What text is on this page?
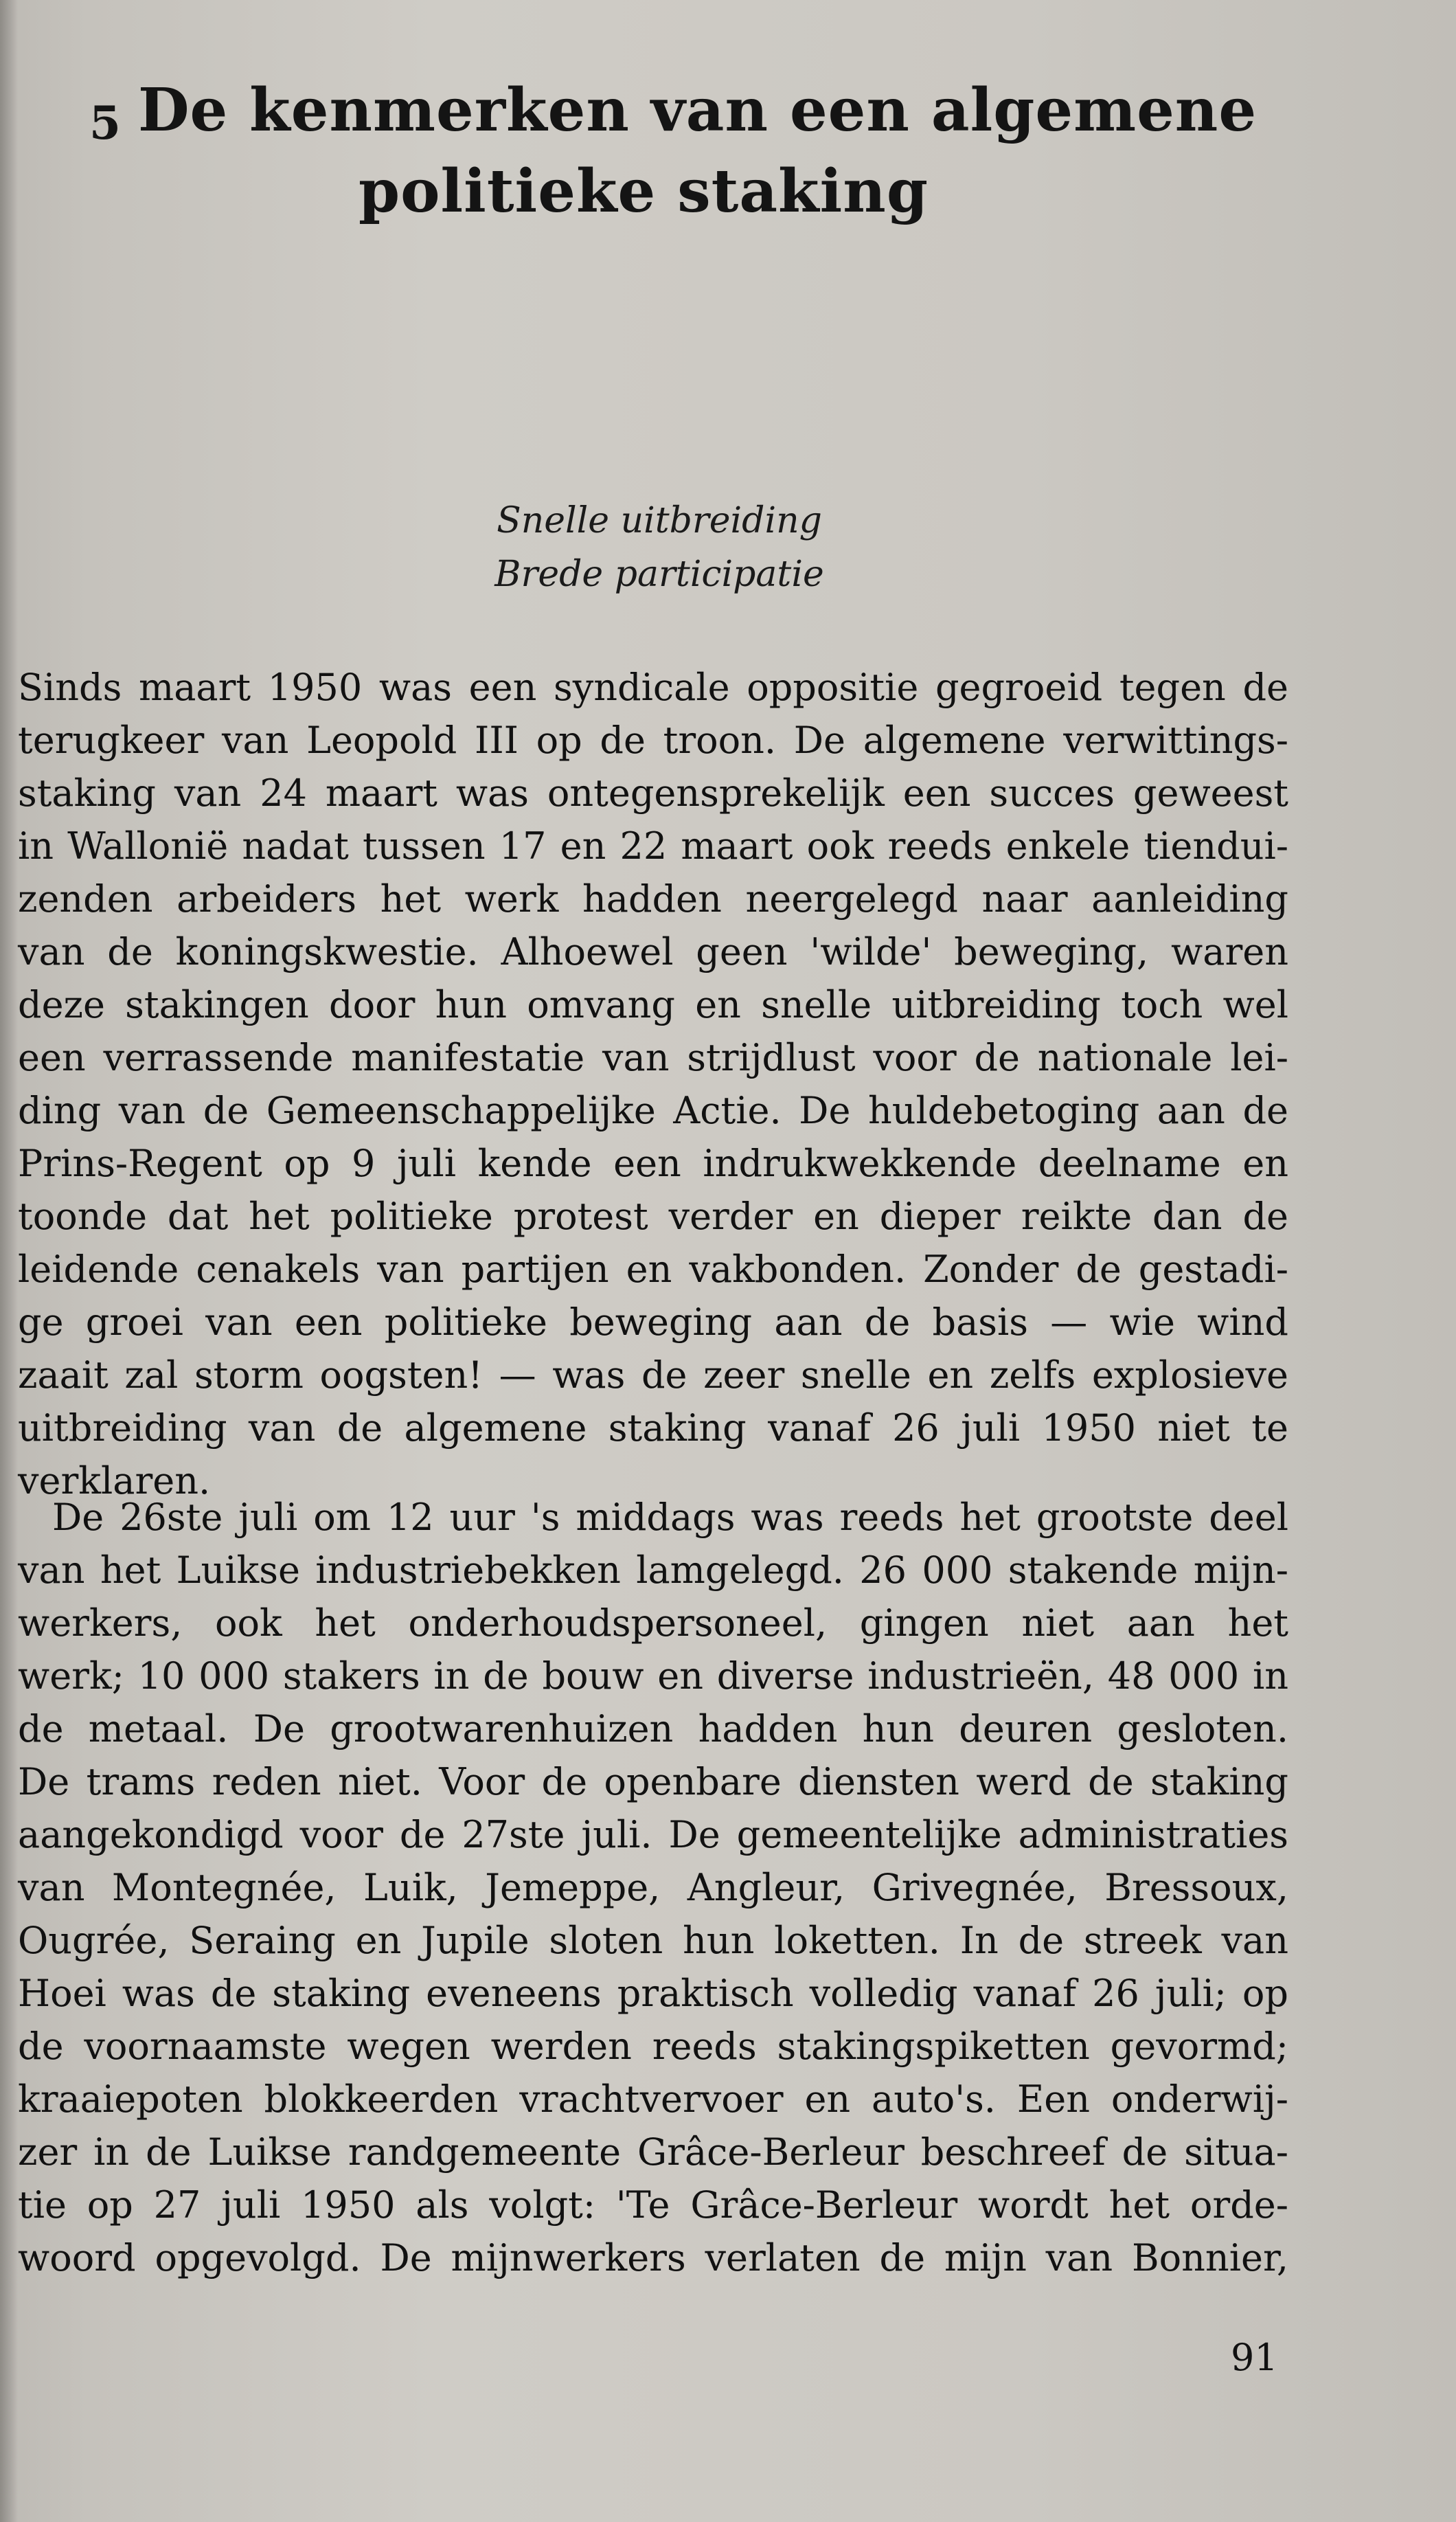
5 De kenmerken van een algemene
politieke staking
Snelle uitbreiding
Brede participatie
Sinds maart 1950 was een syndicale oppositie gegroeid tegen de
terugkeer van Leopold III op de troon. De algemene verwittings-
staking van 24 maart was ontegensprekelijk een succes geweest
in Wallonië nadat tussen 17 en 22 maart ook reeds enkele tiendui-
zenden arbeiders het werk hadden neergelegd naar aanleiding
van de koningskwestie. Alhoewel geen 'wilde' beweging, waren
deze stakingen door hun omvang en snelle uitbreiding toch wel
een verrassende manifestatie van strijdlust voor de nationale lei-
ding van de Gemeenschappelijke Actie. De huldebetoging aan de
Prins-Regent op 9 juli kende een indrukwekkende deelname en
toonde dat het politieke protest verder en dieper reikte dan de
leidende cenakels van partijen en vakbonden. Zonder de gestadi-
ge groei van een politieke beweging aan de basis — wie wind
zaait zal storm oogsten! — was de zeer snelle en zelfs explosieve
uitbreiding van de algemene staking vanaf 26 juli 1950 niet te
verklaren.
De 26ste juli om 12 uur 's middags was reeds het grootste deel
van het Luikse industriebekken lamgelegd. 26 000 stakende mijn-
werkers, ook het onderhoudspersoneel, gingen niet aan het
werk; 10 000 stakers in de bouw en diverse industrieën, 48 000 in
de metaal. De grootwarenhuizen hadden hun deuren gesloten.
De trams reden niet. Voor de openbare diensten werd de staking
aangekondigd voor de 27ste juli. De gemeentelijke administraties
van Montegnée, Luik, Jemeppe, Angleur, Grivegnée, Bressoux,
Ougrée, Seraing en Jupile sloten hun loketten. In de streek van
Hoei was de staking eveneens praktisch volledig vanaf 26 juli; op
de voornaamste wegen werden reeds stakingspiketten gevormd;
kraaiepoten blokkeerden vrachtvervoer en auto's. Een onderwij-
zer in de Luikse randgemeente Grâce-Berleur beschreef de situa-
tie op 27 juli 1950 als volgt: 'Te Grâce-Berleur wordt het orde-
woord opgevolgd. De mijnwerkers verlaten de mijn van Bonnier,
91
